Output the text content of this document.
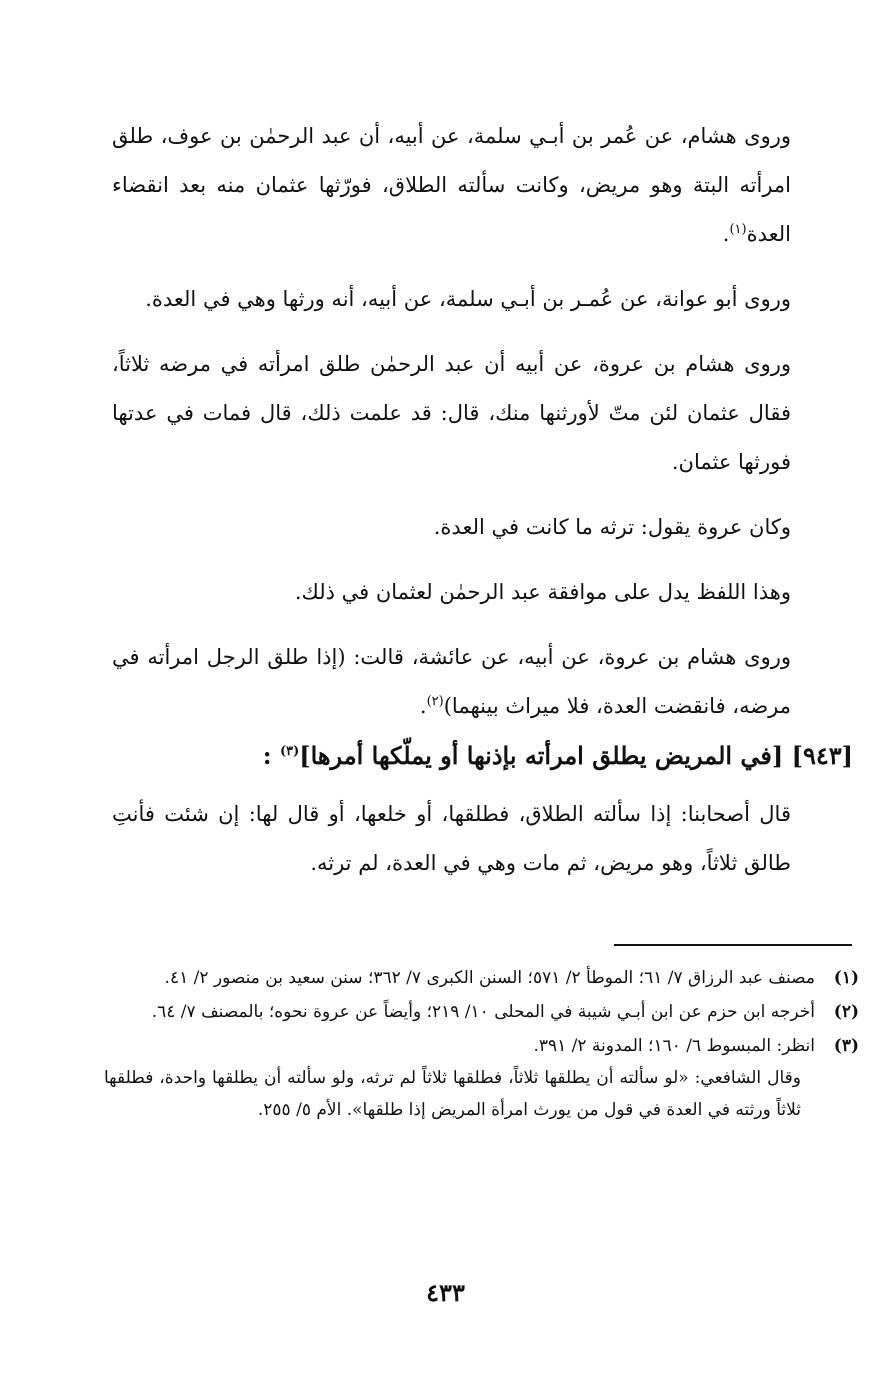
وروى هشام، عن عُمر بن أبـي سلمة، عن أبيه، أن عبد الرحمٰن بن عوف، طلق امرأته البتة وهو مريض، وكانت سألته الطلاق، فورّثها عثمان منه بعد انقضاء العدة$^{(١)}$.

وروى أبو عوانة، عن عُمـر بن أبـي سلمة، عن أبيه، أنه ورثها وهي في العدة.

وروى هشام بن عروة، عن أبيه أن عبد الرحمٰن طلق امرأته في مرضه ثلاثاً، فقال عثمان لئن متّ لأورثنها منك، قال: قد علمت ذلك، قال فمات في عدتها فورثها عثمان.

وكان عروة يقول: ترثه ما كانت في العدة.

وهذا اللفظ يدل على موافقة عبد الرحمٰن لعثمان في ذلك.

وروى هشام بن عروة، عن أبيه، عن عائشة، قالت: (إذا طلق الرجل امرأته في مرضه، فانقضت العدة، فلا ميراث بينهما)$^{(٢)}$.

[٩٤٣] [في المريض يطلق امرأته بإذنها أو يملّكها أمرها]$^{(٣)}$ :

قال أصحابنا: إذا سألته الطلاق، فطلقها، أو خلعها، أو قال لها: إن شئت فأنتِ طالق ثلاثاً، وهو مريض، ثم مات وهي في العدة، لم ترثه.

(١)

مصنف عبد الرزاق ٧/ ٦١؛ الموطأ ٢/ ٥٧١؛ السنن الكبرى ٧/ ٣٦٢؛ سنن سعيد بن منصور ٢/ ٤١.

(٢)

أخرجه ابن حزم عن ابن أبـي شيبة في المحلى ١٠/ ٢١٩؛ وأيضاً عن عروة نحوه؛ بالمصنف ٧/ ٦٤.

(٣)

انظر: المبسوط ٦/ ١٦٠؛ المدونة ٢/ ٣٩١.

وقال الشافعي: «لو سألته أن يطلقها ثلاثاً، فطلقها ثلاثاً لم ترثه، ولو سألته أن يطلقها واحدة، فطلقها ثلاثاً ورثته في العدة في قول من يورث امرأة المريض إذا طلقها». الأم ٥/ ٢٥٥.

٤٣٣
